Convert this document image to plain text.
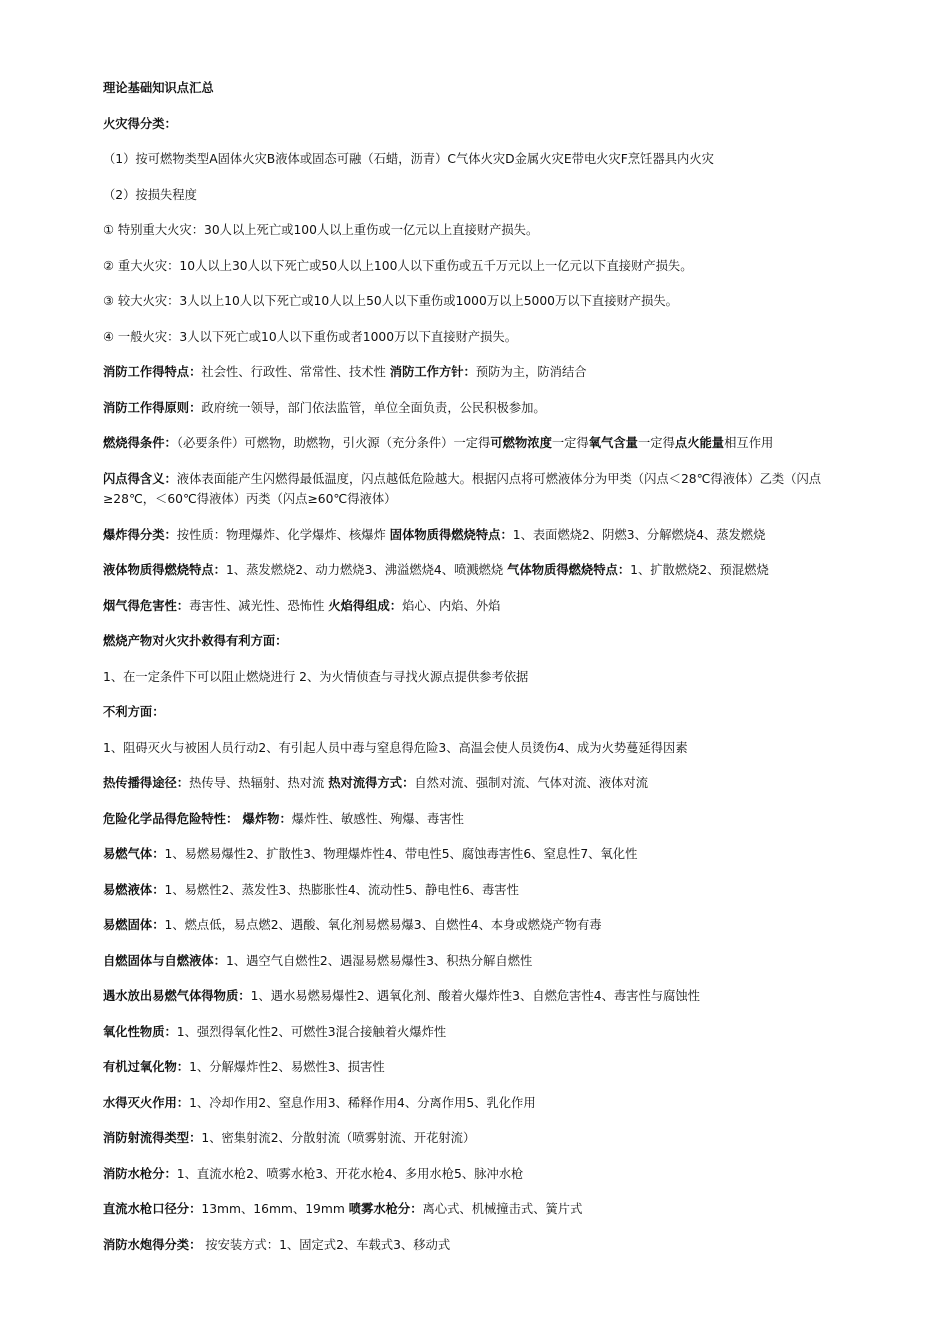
理论基础知识点汇总

火灾得分类：

（1）按可燃物类型A固体火灾B液体或固态可融（石蜡，沥青）C气体火灾D金属火灾E带电火灾F烹饪器具内火灾

（2）按损失程度

① 特别重大火灾：30人以上死亡或100人以上重伤或一亿元以上直接财产损失。

② 重大火灾：10人以上30人以下死亡或50人以上100人以下重伤或五千万元以上一亿元以下直接财产损失。

③ 较大火灾：3人以上10人以下死亡或10人以上50人以下重伤或1000万以上5000万以下直接财产损失。

④ 一般火灾：3人以下死亡或10人以下重伤或者1000万以下直接财产损失。

消防工作得特点：社会性、行政性、常常性、技术性 消防工作方针：预防为主，防消结合

消防工作得原则：政府统一领导，部门依法监管，单位全面负责，公民积极参加。

燃烧得条件：（必要条件）可燃物，助燃物，引火源（充分条件）一定得可燃物浓度一定得氧气含量一定得点火能量相互作用

闪点得含义：液体表面能产生闪燃得最低温度，闪点越低危险越大。根据闪点将可燃液体分为甲类（闪点＜28℃得液体）乙类（闪点≥28℃，＜60℃得液体）丙类（闪点≥60℃得液体）

爆炸得分类：按性质：物理爆炸、化学爆炸、核爆炸 固体物质得燃烧特点：1、表面燃烧2、阴燃3、分解燃烧4、蒸发燃烧

液体物质得燃烧特点：1、蒸发燃烧2、动力燃烧3、沸溢燃烧4、喷溅燃烧 气体物质得燃烧特点：1、扩散燃烧2、预混燃烧

烟气得危害性：毒害性、减光性、恐怖性 火焰得组成：焰心、内焰、外焰

燃烧产物对火灾扑救得有利方面：

1、在一定条件下可以阻止燃烧进行 2、为火情侦查与寻找火源点提供参考依据

不利方面：

1、阻碍灭火与被困人员行动2、有引起人员中毒与窒息得危险3、高温会使人员烫伤4、成为火势蔓延得因素

热传播得途径：热传导、热辐射、热对流 热对流得方式：自然对流、强制对流、气体对流、液体对流

危险化学品得危险特性： 爆炸物：爆炸性、敏感性、殉爆、毒害性

易燃气体：1、易燃易爆性2、扩散性3、物理爆炸性4、带电性5、腐蚀毒害性6、窒息性7、氧化性

易燃液体：1、易燃性2、蒸发性3、热膨胀性4、流动性5、静电性6、毒害性

易燃固体：1、燃点低，易点燃2、遇酸、氧化剂易燃易爆3、自燃性4、本身或燃烧产物有毒

自燃固体与自燃液体：1、遇空气自燃性2、遇湿易燃易爆性3、积热分解自燃性

遇水放出易燃气体得物质：1、遇水易燃易爆性2、遇氧化剂、酸着火爆炸性3、自燃危害性4、毒害性与腐蚀性

氧化性物质：1、强烈得氧化性2、可燃性3混合接触着火爆炸性

有机过氧化物：1、分解爆炸性2、易燃性3、损害性

水得灭火作用：1、冷却作用2、窒息作用3、稀释作用4、分离作用5、乳化作用

消防射流得类型：1、密集射流2、分散射流（喷雾射流、开花射流）

消防水枪分：1、直流水枪2、喷雾水枪3、开花水枪4、多用水枪5、脉冲水枪

直流水枪口径分：13mm、16mm、19mm 喷雾水枪分：离心式、机械撞击式、簧片式

消防水炮得分类： 按安装方式：1、固定式2、车载式3、移动式
